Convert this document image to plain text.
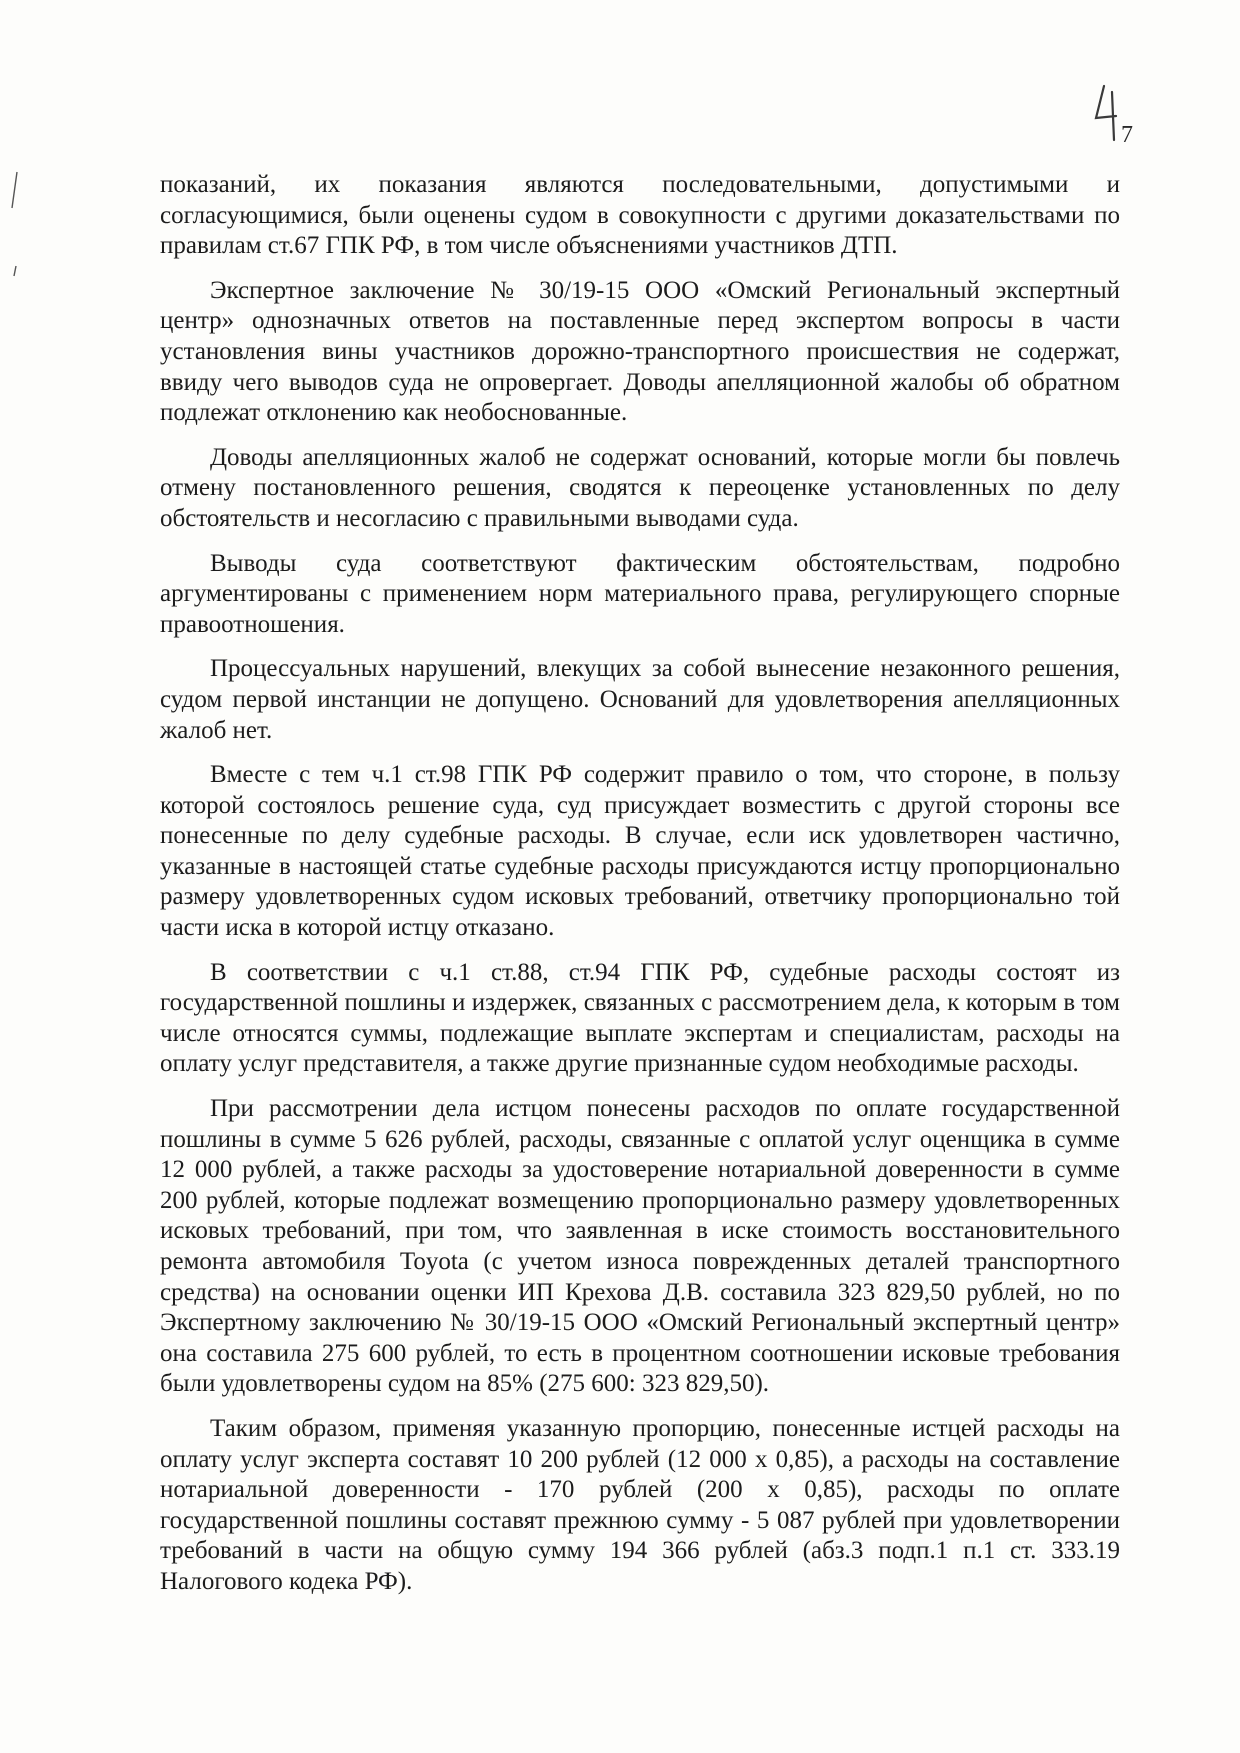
7

показаний, их показания являются последовательными, допустимыми и согласующимися, были оценены судом в совокупности с другими доказательствами по правилам ст.67 ГПК РФ, в том числе объяснениями участников ДТП.

Экспертное заключение № 30/19-15 ООО «Омский Региональный экспертный центр» однозначных ответов на поставленные перед экспертом вопросы в части установления вины участников дорожно-транспортного происшествия не содержат, ввиду чего выводов суда не опровергает. Доводы апелляционной жалобы об обратном подлежат отклонению как необоснованные.

Доводы апелляционных жалоб не содержат оснований, которые могли бы повлечь отмену постановленного решения, сводятся к переоценке установленных по делу обстоятельств и несогласию с правильными выводами суда.

Выводы суда соответствуют фактическим обстоятельствам, подробно аргументированы с применением норм материального права, регулирующего спорные правоотношения.

Процессуальных нарушений, влекущих за собой вынесение незаконного решения, судом первой инстанции не допущено. Оснований для удовлетворения апелляционных жалоб нет.

Вместе с тем ч.1 ст.98 ГПК РФ содержит правило о том, что стороне, в пользу которой состоялось решение суда, суд присуждает возместить с другой стороны все понесенные по делу судебные расходы. В случае, если иск удовлетворен частично, указанные в настоящей статье судебные расходы присуждаются истцу пропорционально размеру удовлетворенных судом исковых требований, ответчику пропорционально той части иска в которой истцу отказано.

В соответствии с ч.1 ст.88, ст.94 ГПК РФ, судебные расходы состоят из государственной пошлины и издержек, связанных с рассмотрением дела, к которым в том числе относятся суммы, подлежащие выплате экспертам и специалистам, расходы на оплату услуг представителя, а также другие признанные судом необходимые расходы.

При рассмотрении дела истцом понесены расходов по оплате государственной пошлины в сумме 5 626 рублей, расходы, связанные с оплатой услуг оценщика в сумме 12 000 рублей, а также расходы за удостоверение нотариальной доверенности в сумме 200 рублей, которые подлежат возмещению пропорционально размеру удовлетворенных исковых требований, при том, что заявленная в иске стоимость восстановительного ремонта автомобиля Toyota (с учетом износа поврежденных деталей транспортного средства) на основании оценки ИП Крехова Д.В. составила 323 829,50 рублей, но по Экспертному заключению № 30/19-15 ООО «Омский Региональный экспертный центр» она составила 275 600 рублей, то есть в процентном соотношении исковые требования были удовлетворены судом на 85% (275 600: 323 829,50).

Таким образом, применяя указанную пропорцию, понесенные истцей расходы на оплату услуг эксперта составят 10 200 рублей (12 000 х 0,85), а расходы на составление нотариальной доверенности - 170 рублей (200 х 0,85), расходы по оплате государственной пошлины составят прежнюю сумму - 5 087 рублей при удовлетворении требований в части на общую сумму 194 366 рублей (абз.3 подп.1 п.1 ст. 333.19 Налогового кодека РФ).
